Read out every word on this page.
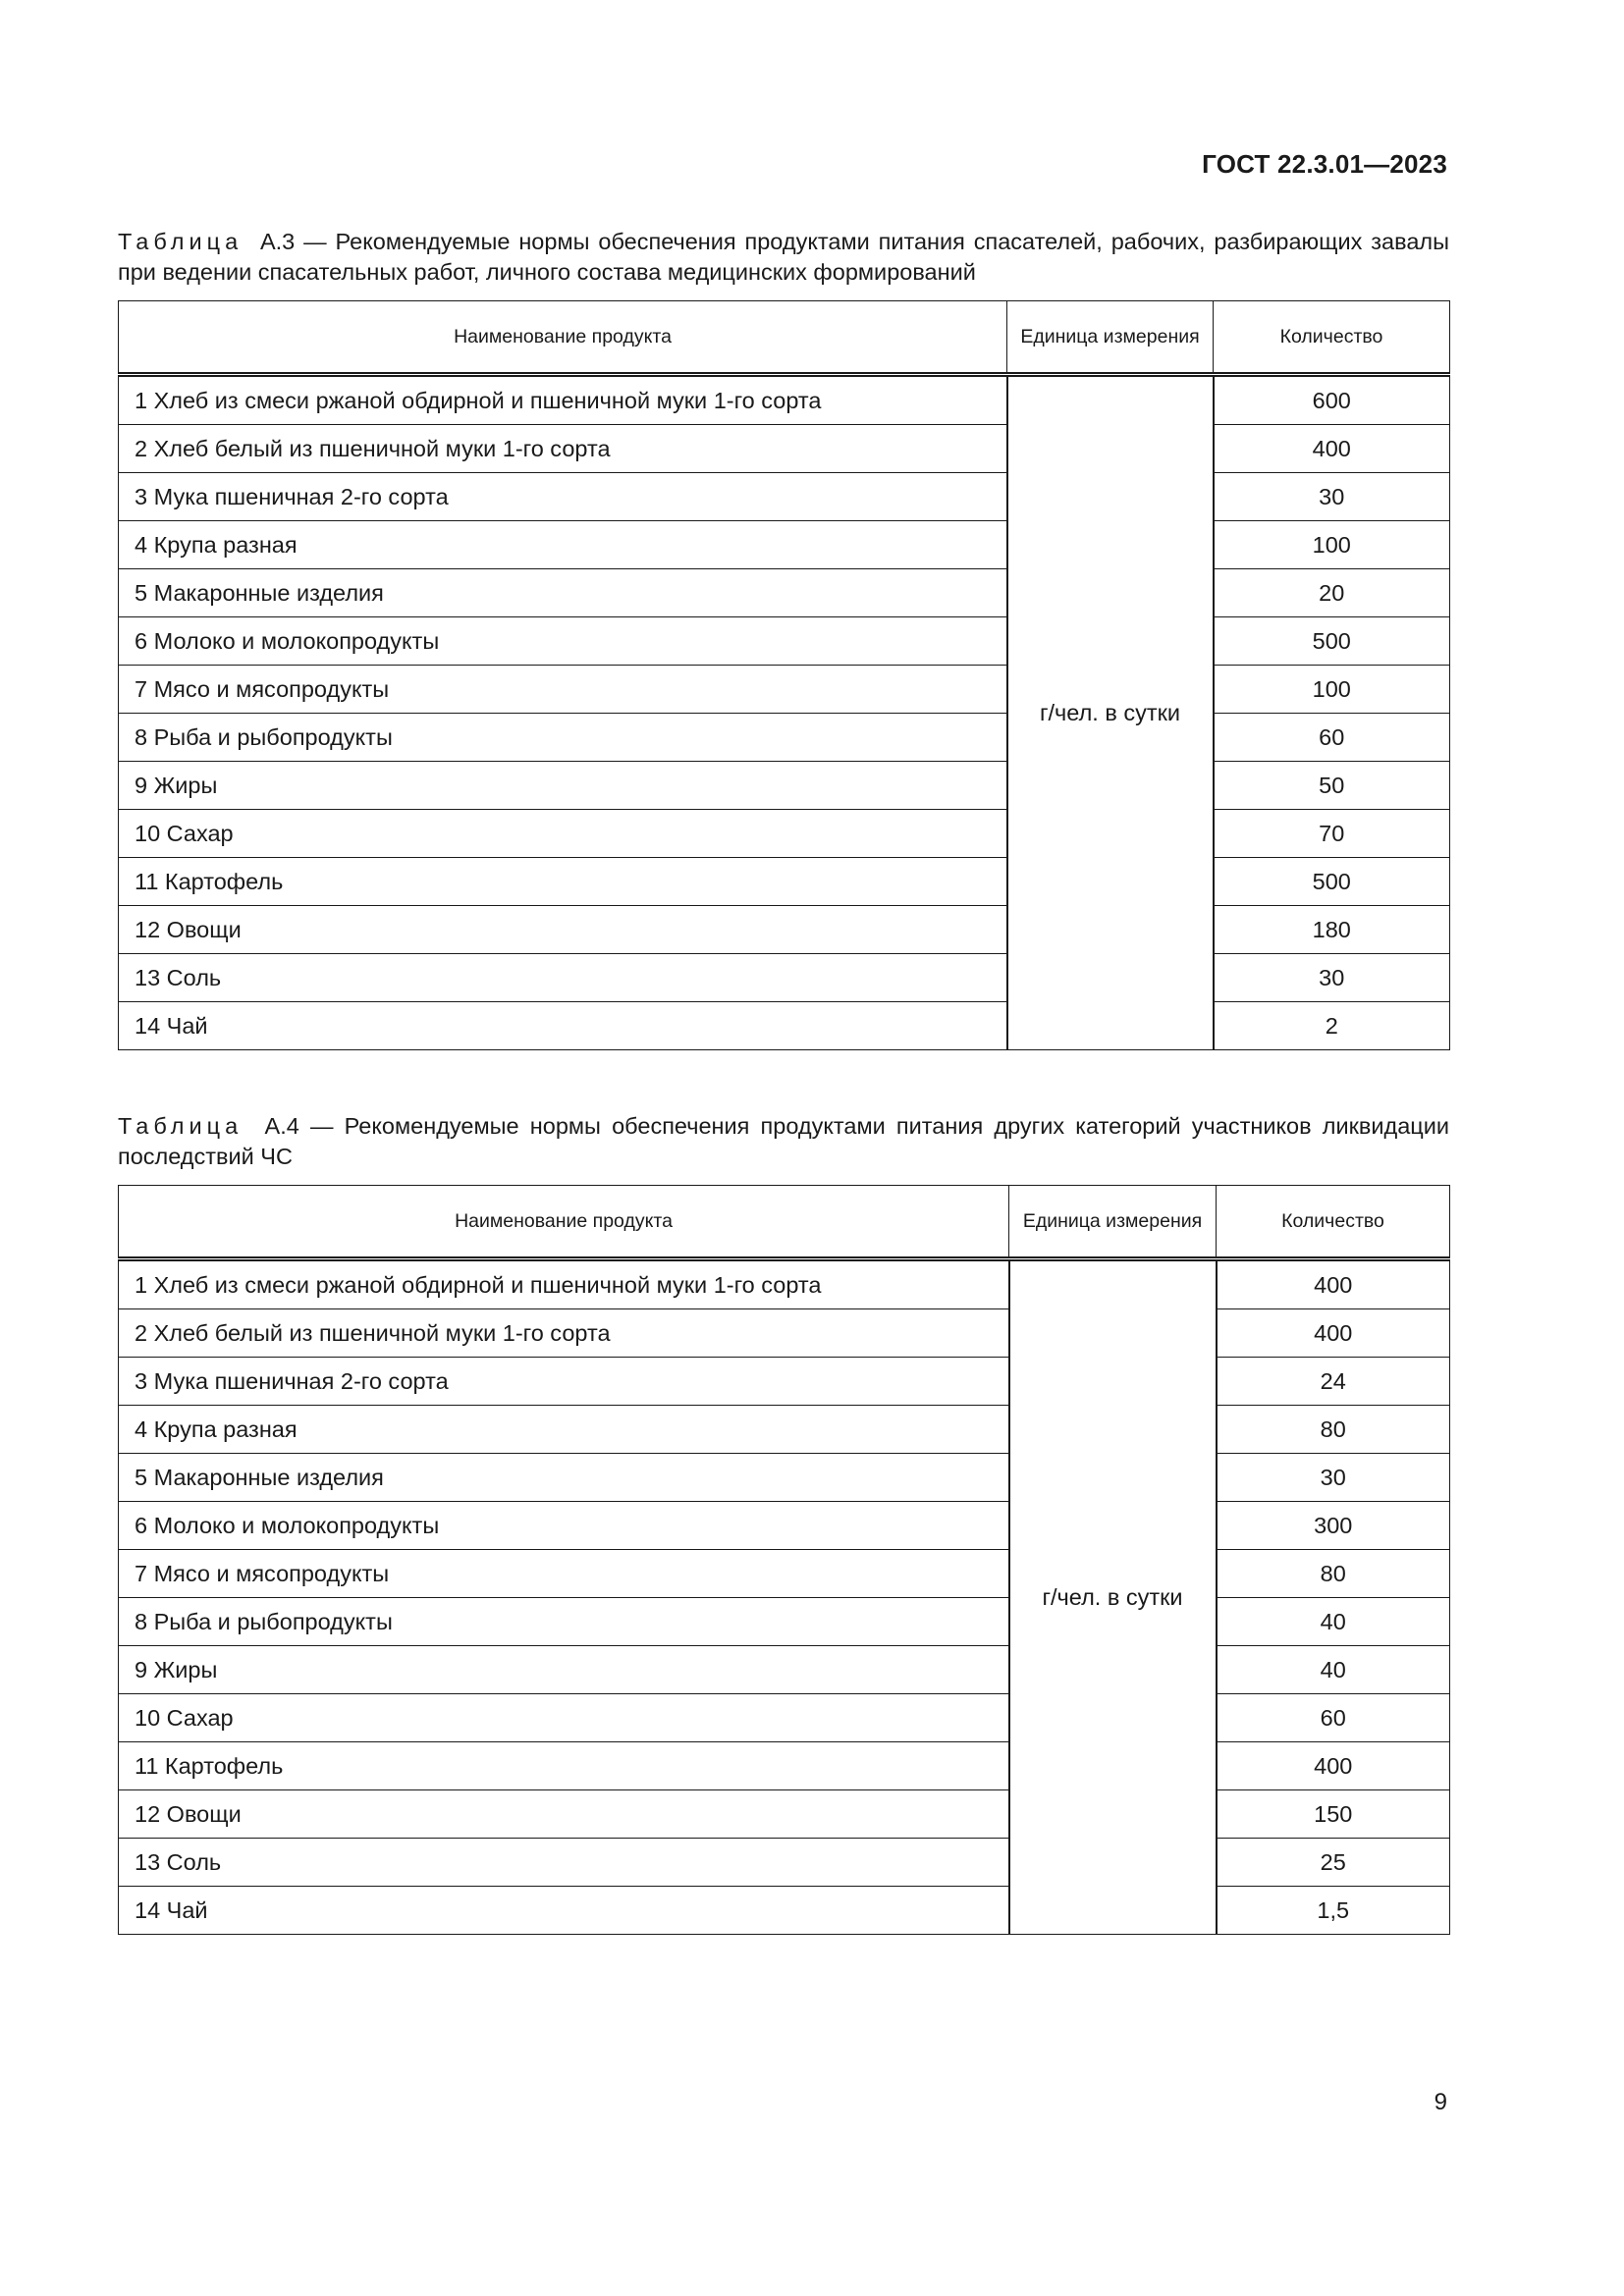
ГОСТ 22.3.01—2023
Таблица А.3 — Рекомендуемые нормы обеспечения продуктами питания спасателей, рабочих, разбирающих завалы при ведении спасательных работ, личного состава медицинских формирований
Наименование продукта	Единица измерения	Количество
1 Хлеб из смеси ржаной обдирной и пшеничной муки 1-го сорта	г/чел. в сутки	600
2 Хлеб белый из пшеничной муки 1-го сорта		400
3 Мука пшеничная 2-го сорта		30
4 Крупа разная		100
5 Макаронные изделия		20
6 Молоко и молокопродукты		500
7 Мясо и мясопродукты		100
8 Рыба и рыбопродукты		60
9 Жиры		50
10 Сахар		70
11 Картофель		500
12 Овощи		180
13 Соль		30
14 Чай		2
Таблица А.4 — Рекомендуемые нормы обеспечения продуктами питания других категорий участников ликвидации последствий ЧС
Наименование продукта	Единица измерения	Количество
1 Хлеб из смеси ржаной обдирной и пшеничной муки 1-го сорта	г/чел. в сутки	400
2 Хлеб белый из пшеничной муки 1-го сорта		400
3 Мука пшеничная 2-го сорта		24
4 Крупа разная		80
5 Макаронные изделия		30
6 Молоко и молокопродукты		300
7 Мясо и мясопродукты		80
8 Рыба и рыбопродукты		40
9 Жиры		40
10 Сахар		60
11 Картофель		400
12 Овощи		150
13 Соль		25
14 Чай		1,5
9
